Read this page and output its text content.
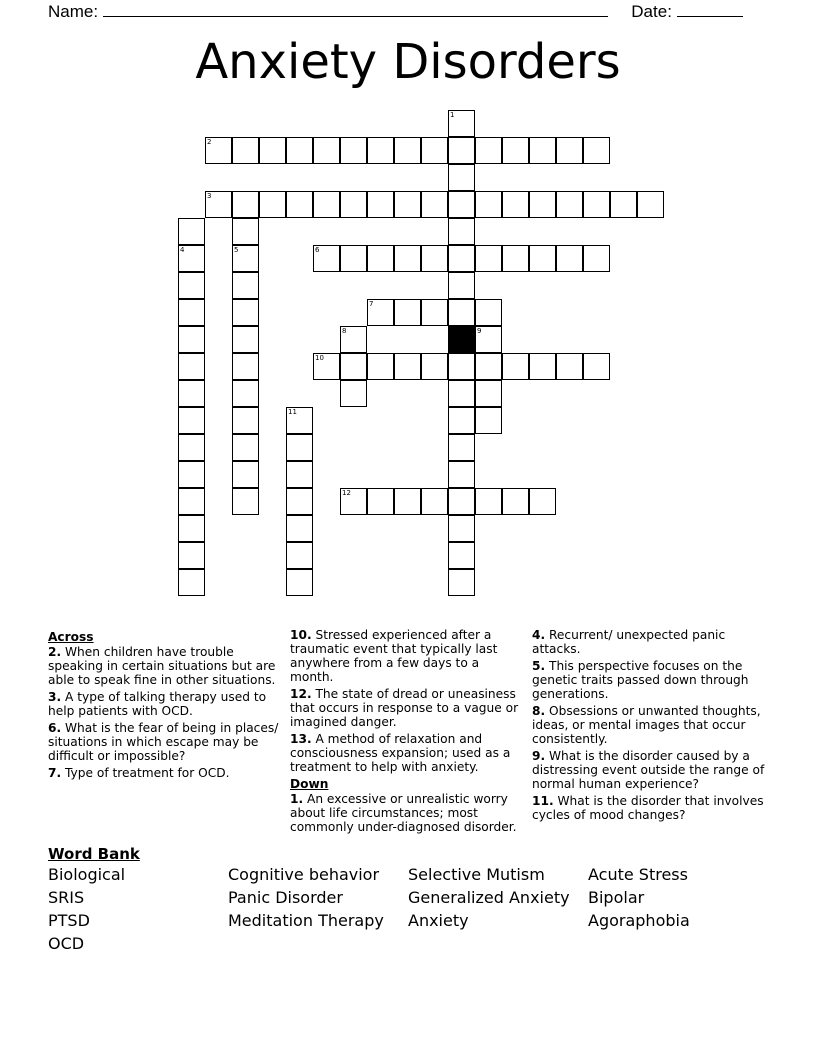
Name:	Date:
Anxiety Disorders
1
2
3
4	5	6
7
8	9
10
11
12
Across
2. When children have trouble speaking in certain situations but are able to speak fine in other situations.
3. A type of talking therapy used to help patients with OCD.
6. What is the fear of being in places/ situations in which escape may be difficult or impossible?
7. Type of treatment for OCD.
10. Stressed experienced after a traumatic event that typically last anywhere from a few days to a month.
12. The state of dread or uneasiness that occurs in response to a vague or imagined danger.
13. A method of relaxation and consciousness expansion; used as a treatment to help with anxiety.
Down
1. An excessive or unrealistic worry about life circumstances; most commonly under-diagnosed disorder.
4. Recurrent/ unexpected panic attacks.
5. This perspective focuses on the genetic traits passed down through generations.
8. Obsessions or unwanted thoughts, ideas, or mental images that occur consistently.
9. What is the disorder caused by a distressing event outside the range of normal human experience?
11. What is the disorder that involves cycles of mood changes?
Word Bank
Biological	Cognitive behavior	Selective Mutism	Acute Stress
SRIS	Panic Disorder	Generalized Anxiety	Bipolar
PTSD	Meditation Therapy	Anxiety	Agoraphobia
OCD
